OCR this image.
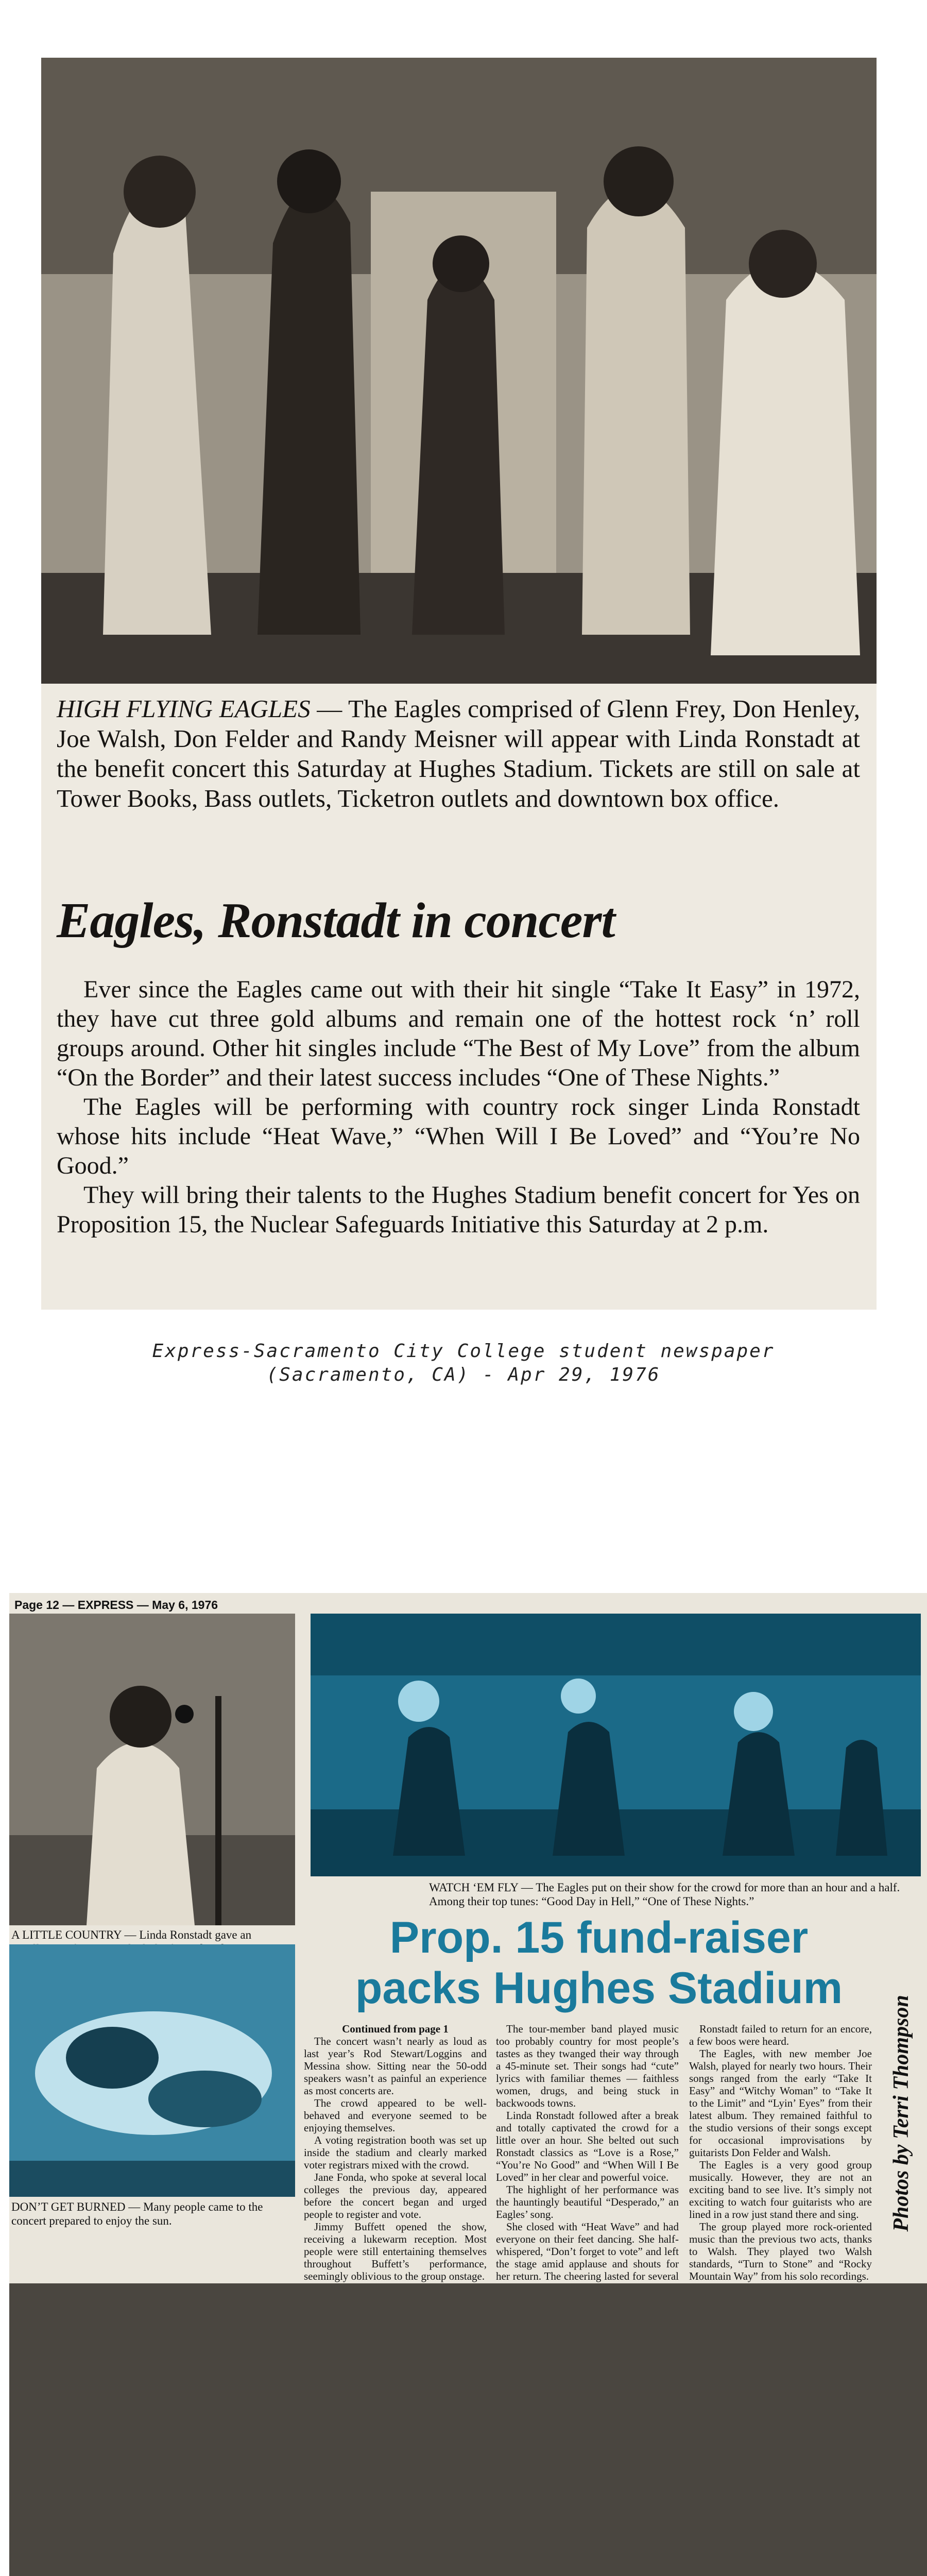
HIGH FLYING EAGLES — The Eagles comprised of Glenn Frey, Don Henley, Joe Walsh, Don Felder and Randy Meisner will appear with Linda Ronstadt at the benefit concert this Saturday at Hughes Stadium. Tickets are still on sale at Tower Books, Bass outlets, Ticketron outlets and downtown box office.
Eagles, Ronstadt in concert

Ever since the Eagles came out with their hit single “Take It Easy” in 1972, they have cut three gold albums and remain one of the hottest rock ‘n’ roll groups around. Other hit singles include “The Best of My Love” from the album “On the Border” and their latest success includes “One of These Nights.”

The Eagles will be performing with country rock singer Linda Ronstadt whose hits include “Heat Wave,” “When Will I Be Loved” and “You’re No Good.”

They will bring their talents to the Hughes Stadium benefit concert for Yes on Proposition 15, the Nuclear Safeguards Initiative this Saturday at 2 p.m.

Express-Sacramento City College student newspaper
(Sacramento, CA) - Apr 29, 1976
Page 12 — EXPRESS — May 6, 1976
A LITTLE COUNTRY — Linda Ronstadt gave an
WATCH ‘EM FLY — The Eagles put on their show for the crowd for more than an hour and a half. Among their top tunes: “Good Day in Hell,” “One of These Nights.”
DON’T GET BURNED — Many people came to the concert prepared to enjoy the sun.
Prop. 15 fund-raiser
packs Hughes Stadium
Photos by Terri Thompson

Continued from page 1

The concert wasn’t nearly as loud as last year’s Rod Stewart/Loggins and Messina show. Sitting near the 50-odd speakers wasn’t as painful an experience as most concerts are.

The crowd appeared to be well-behaved and everyone seemed to be enjoying themselves.

A voting registration booth was set up inside the stadium and clearly marked voter registrars mixed with the crowd.

Jane Fonda, who spoke at several local colleges the previous day, appeared before the concert began and urged people to register and vote.

Jimmy Buffett opened the show, receiving a lukewarm reception. Most people were still entertaining themselves throughout Buffett’s performance, seemingly oblivious to the group onstage.

The tour-member band played music too probably country for most people’s tastes as they twanged their way through a 45-minute set. Their songs had “cute” lyrics with familiar themes — faithless women, drugs, and being stuck in backwoods towns.

Linda Ronstadt followed after a break and totally captivated the crowd for a little over an hour. She belted out such Ronstadt classics as “Love is a Rose,” “You’re No Good” and “When Will I Be Loved” in her clear and powerful voice.

The highlight of her performance was the hauntingly beautiful “Desperado,” an Eagles’ song.

She closed with “Heat Wave” and had everyone on their feet dancing. She half-whispered, “Don’t forget to vote” and left the stage amid applause and shouts for her return. The cheering lasted for several

Ronstadt failed to return for an encore, a few boos were heard.

The Eagles, with new member Joe Walsh, played for nearly two hours. Their songs ranged from the early “Take It Easy” and “Witchy Woman” to “Take It to the Limit” and “Lyin’ Eyes” from their latest album. They remained faithful to the studio versions of their songs except for occasional improvisations by guitarists Don Felder and Walsh.

The Eagles is a very good group musically. However, they are not an exciting band to see live. It’s simply not exciting to watch four guitarists who are lined in a row just stand there and sing.

The group played more rock-oriented music than the previous two acts, thanks to Walsh. They played two Walsh standards, “Turn to Stone” and “Rocky Mountain Way” from his solo recordings.
